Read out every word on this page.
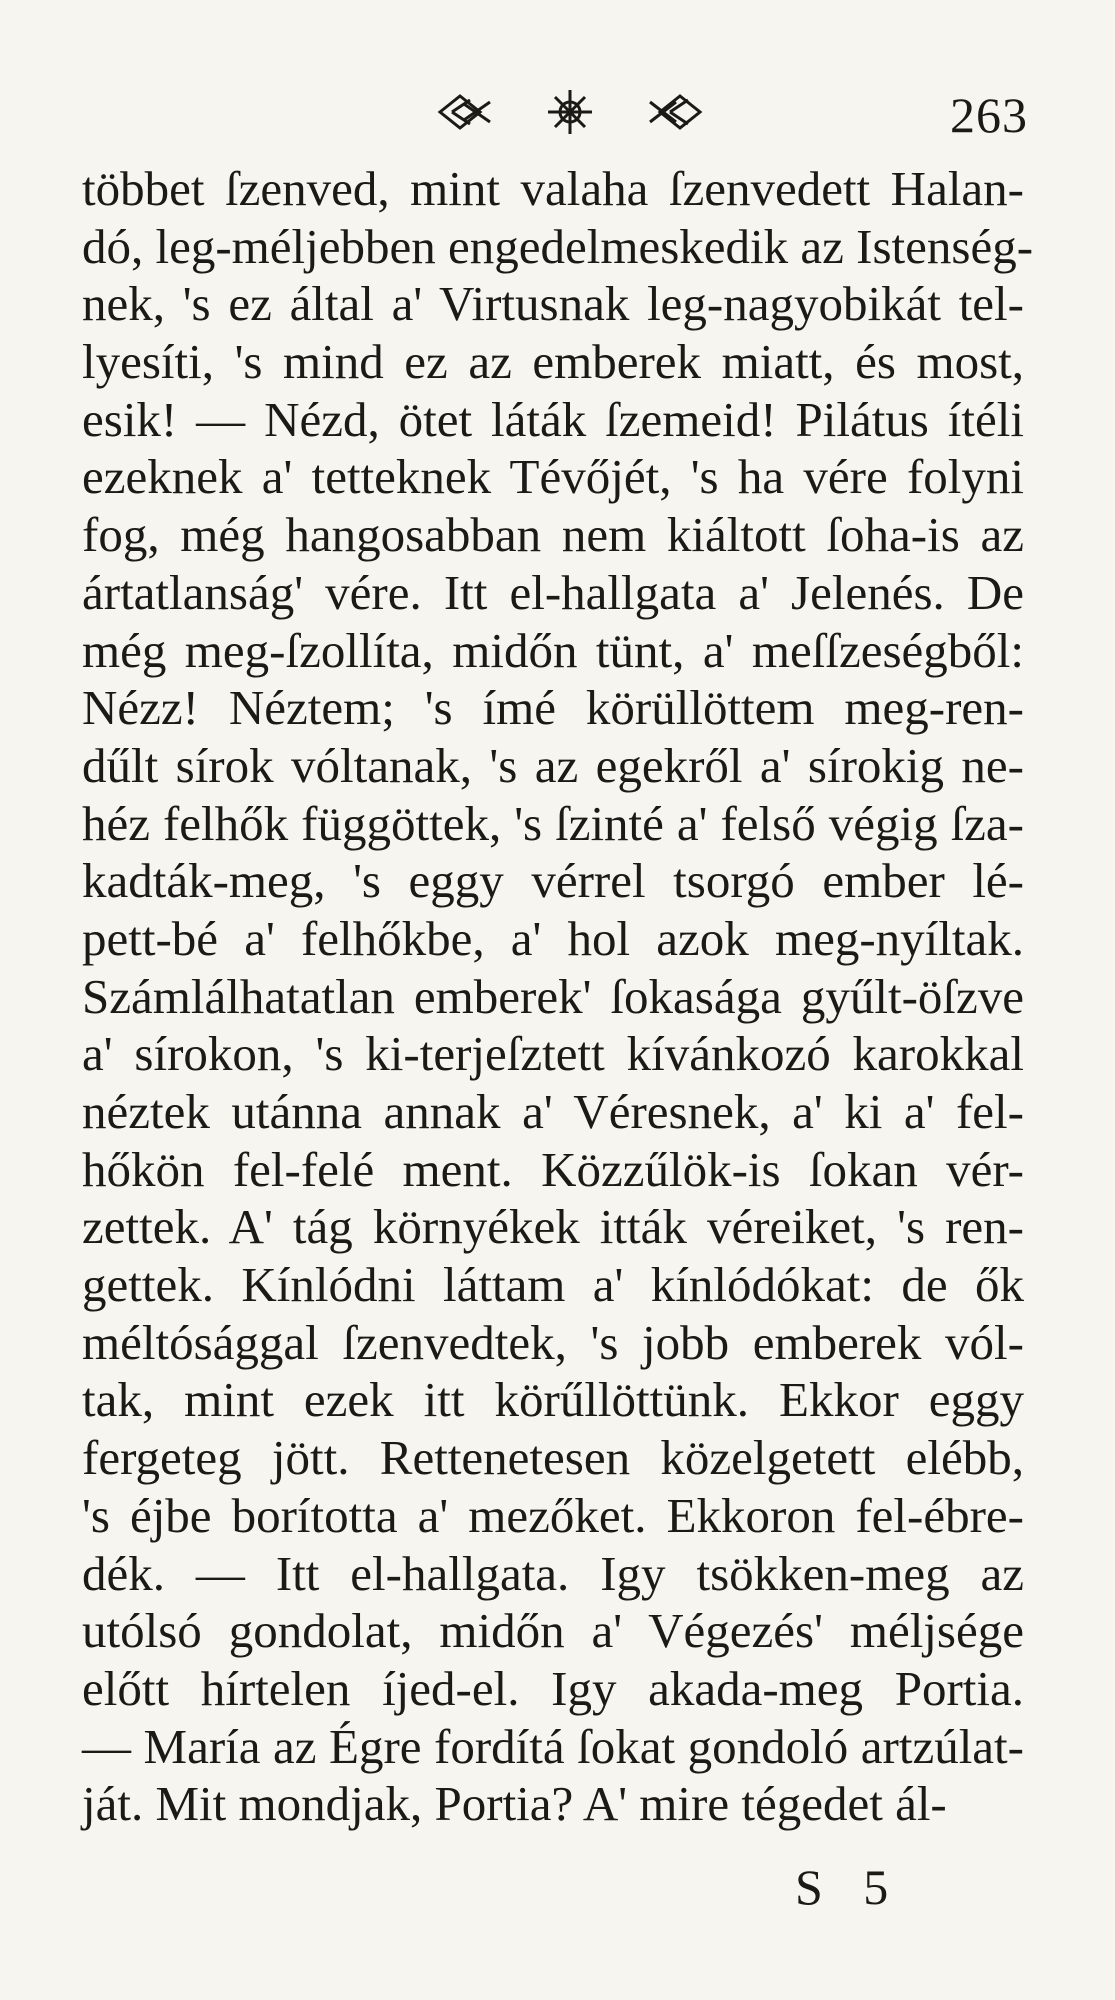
263
többet ſzenved, mint valaha ſzenvedett Halan-
dó, leg-méljebben engedelmeskedik az Istenség-
nek, 's ez által a' Virtusnak leg-nagyobikát tel-
lyesíti, 's mind ez az emberek miatt, és most,
esik! — Nézd, ötet láták ſzemeid! Pilátus ítéli
ezeknek a' tetteknek Tévőjét, 's ha vére folyni
fog, még hangosabban nem kiáltott ſoha-is az
ártatlanság' vére. Itt el-hallgata a' Jelenés. De
még meg-ſzollíta, midőn tünt, a' meſſzeségből:
Nézz! Néztem; 's ímé körüllöttem meg-ren-
dűlt sírok vóltanak, 's az egekről a' sírokig ne-
héz felhők függöttek, 's ſzinté a' felső végig ſza-
kadták-meg, 's eggy vérrel tsorgó ember lé-
pett-bé a' felhőkbe, a' hol azok meg-nyíltak.
Számlálhatatlan emberek' ſokasága gyűlt-öſzve
a' sírokon, 's ki-terjeſztett kívánkozó karokkal
néztek utánna annak a' Véresnek, a' ki a' fel-
hőkön fel-felé ment. Közzűlök-is ſokan vér-
zettek. A' tág környékek itták véreiket, 's ren-
gettek. Kínlódni láttam a' kínlódókat: de ők
méltósággal ſzenvedtek, 's jobb emberek vól-
tak, mint ezek itt körűllöttünk. Ekkor eggy
fergeteg jött. Rettenetesen közelgetett elébb,
's éjbe borította a' mezőket. Ekkoron fel-ébre-
dék. — Itt el-hallgata. Igy tsökken-meg az
utólsó gondolat, midőn a' Végezés' méljsége
előtt hírtelen íjed-el. Igy akada-meg Portia.
— María az Égre fordítá ſokat gondoló artzúlat-
ját. Mit mondjak, Portia? A' mire tégedet ál-
S 5
